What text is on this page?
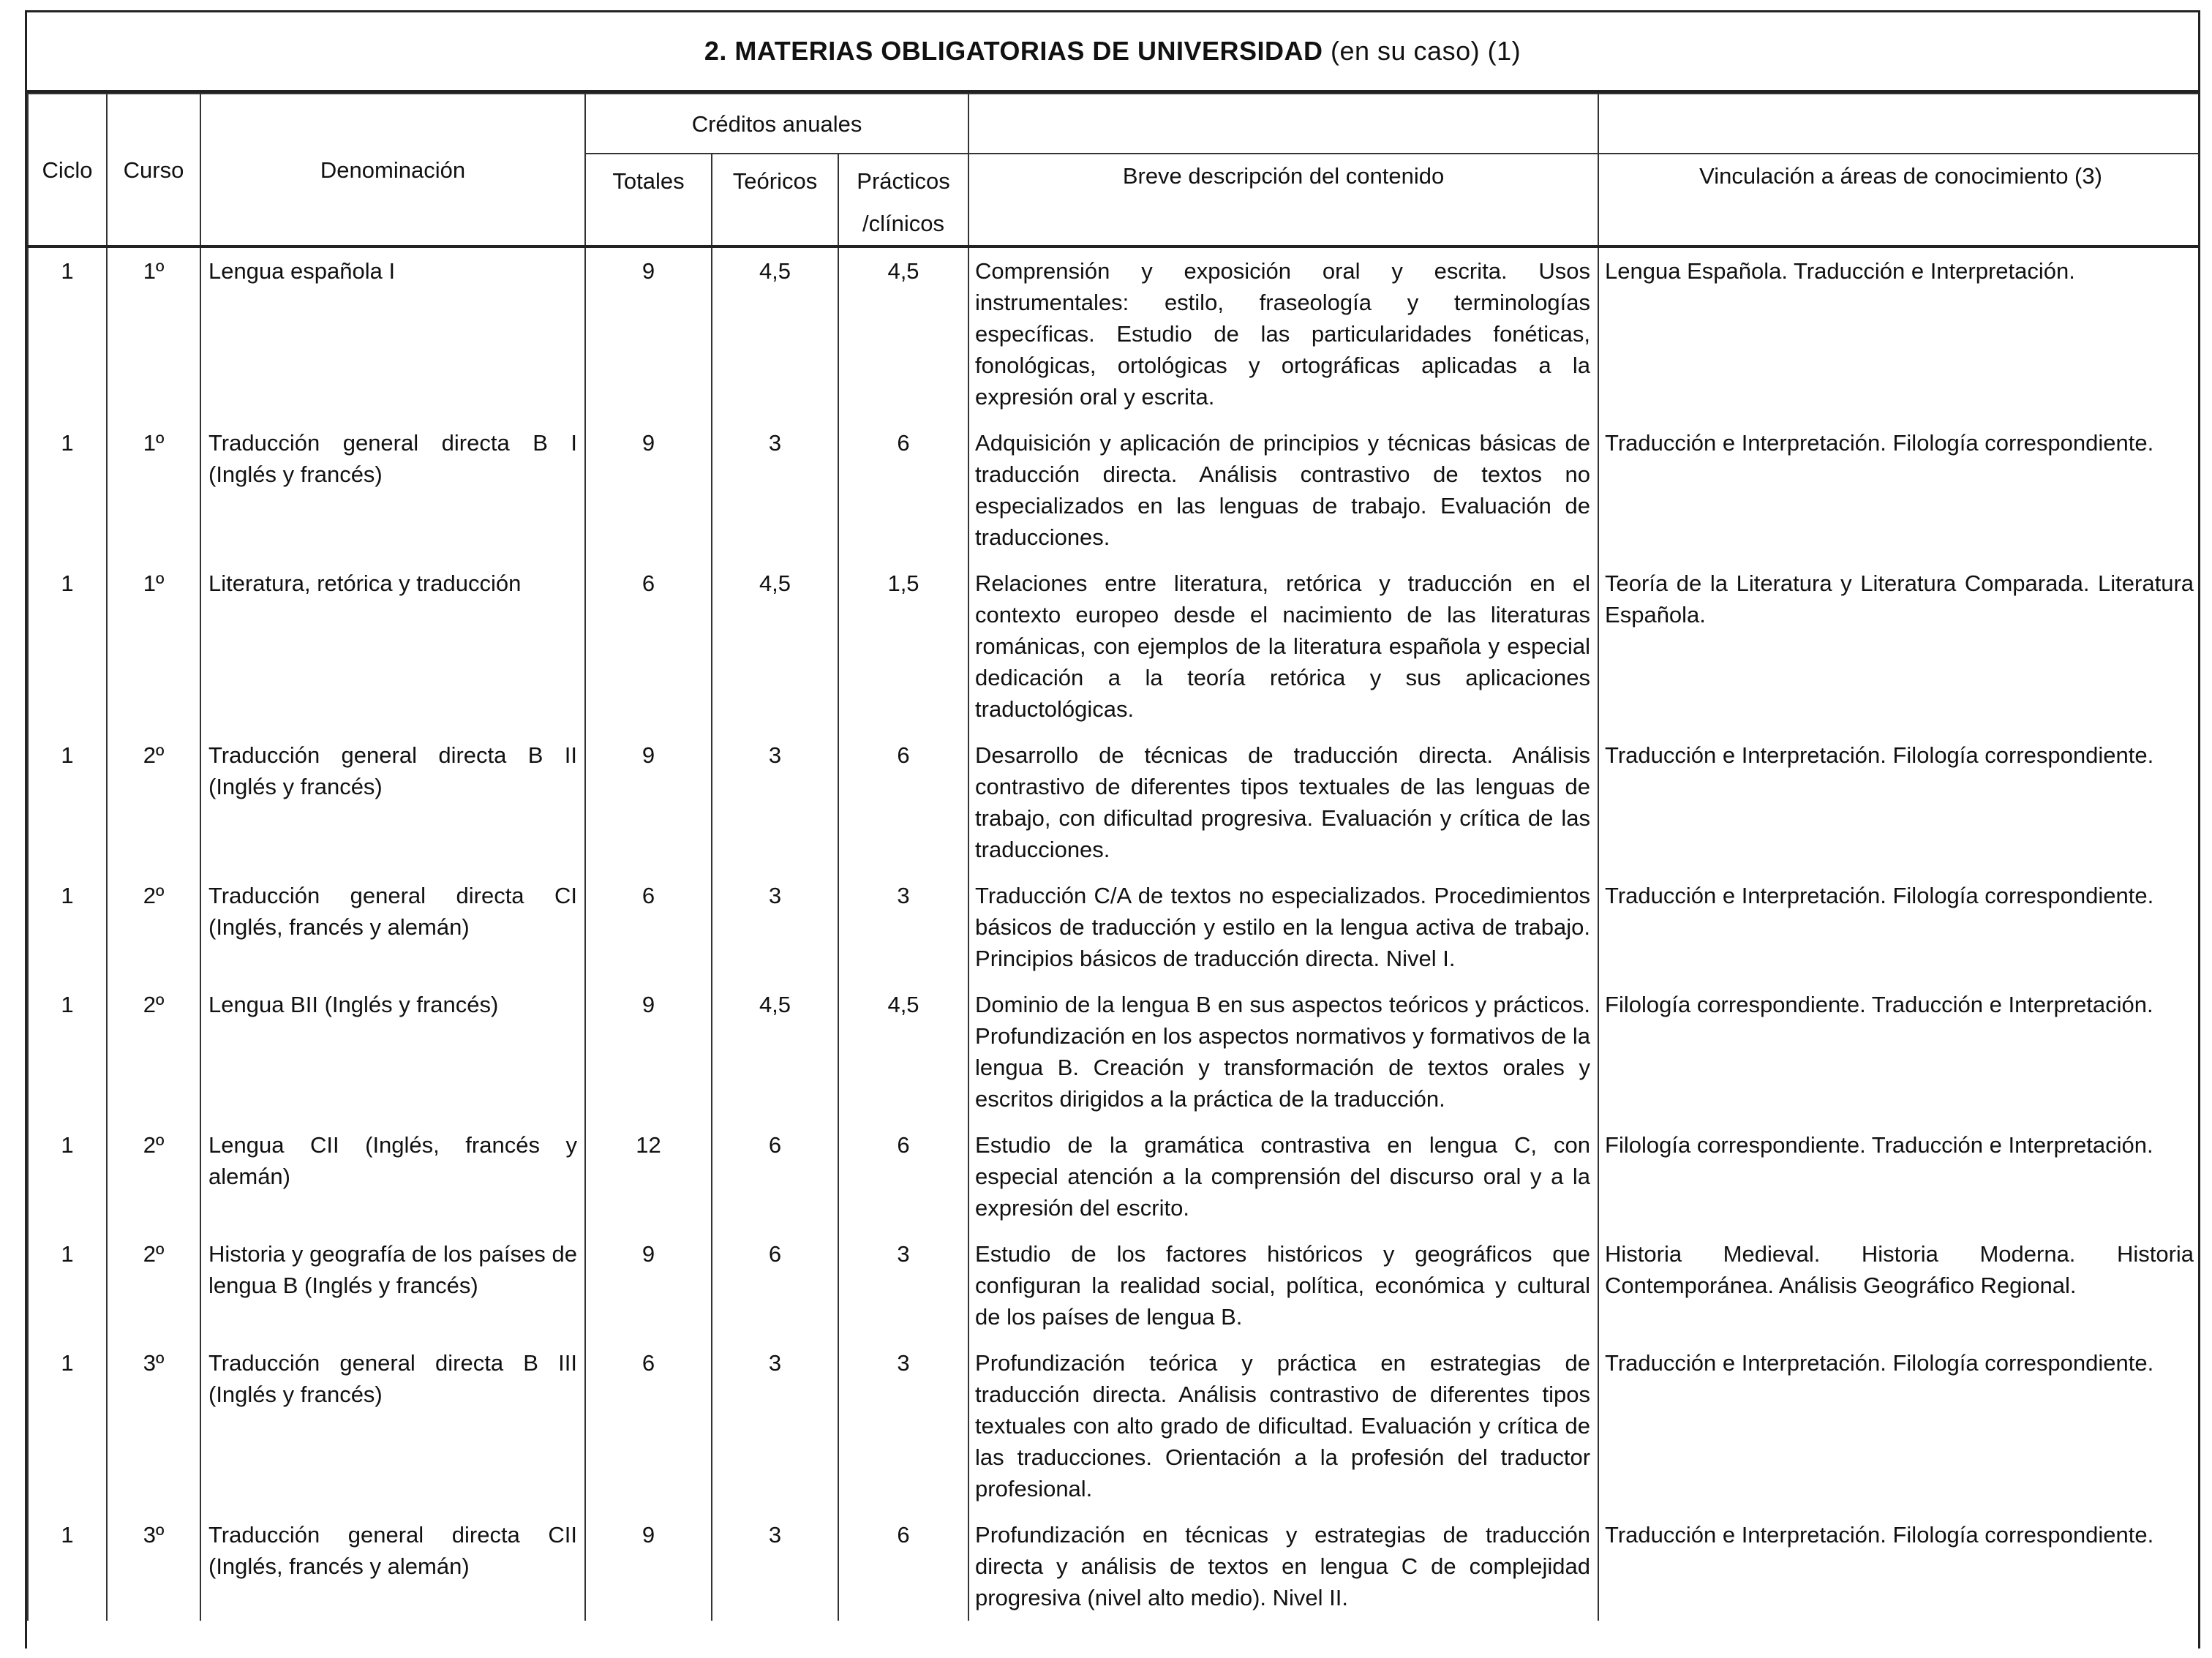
2. MATERIAS OBLIGATORIAS DE UNIVERSIDAD
(en su caso) (1)
Ciclo	Curso	Denominación	Créditos anuales				
			Totales	Teóricos	Prácticos /clínicos	Breve descripción del contenido	Vinculación a áreas de conocimiento (3)
1	1º	Lengua española I	9	4,5	4,5	Comprensión y exposición oral y escrita. Usos instrumentales: estilo, fraseología y terminologías específicas. Estudio de las particularidades fonéticas, fonológicas, ortológicas y ortográficas aplicadas a la expresión oral y escrita.	Lengua Española. Traducción e Interpretación.
1	1º	Traducción general directa B I (Inglés y francés)	9	3	6	Adquisición y aplicación de principios y técnicas básicas de traducción directa. Análisis contrastivo de textos no especializados en las lenguas de trabajo. Evaluación de traducciones.	Traducción e Interpretación. Filología correspondiente.
1	1º	Literatura, retórica y traducción	6	4,5	1,5	Relaciones entre literatura, retórica y traducción en el contexto europeo desde el nacimiento de las literaturas románicas, con ejemplos de la literatura española y especial dedicación a la teoría retórica y sus aplicaciones traductológicas.	Teoría de la Literatura y Literatura Comparada. Literatura Española.
1	2º	Traducción general directa B II (Inglés y francés)	9	3	6	Desarrollo de técnicas de traducción directa. Análisis contrastivo de diferentes tipos textuales de las lenguas de trabajo, con dificultad progresiva. Evaluación y crítica de las traducciones.	Traducción e Interpretación. Filología correspondiente.
1	2º	Traducción general directa CI (Inglés, francés y alemán)	6	3	3	Traducción C/A de textos no especializados. Procedimientos básicos de traducción y estilo en la lengua activa de trabajo. Principios básicos de traducción directa. Nivel I.	Traducción e Interpretación. Filología correspondiente.
1	2º	Lengua BII (Inglés y francés)	9	4,5	4,5	Dominio de la lengua B en sus aspectos teóricos y prácticos. Profundización en los aspectos normativos y formativos de la lengua B. Creación y transformación de textos orales y escritos dirigidos a la práctica de la traducción.	Filología correspondiente. Traducción e Interpretación.
1	2º	Lengua CII (Inglés, francés y alemán)	12	6	6	Estudio de la gramática contrastiva en lengua C, con especial atención a la comprensión del discurso oral y a la expresión del escrito.	Filología correspondiente. Traducción e Interpretación.
1	2º	Historia y geografía de los países de lengua B (Inglés y francés)	9	6	3	Estudio de los factores históricos y geográficos que configuran la realidad social, política, económica y cultural de los países de lengua B.	Historia Medieval. Historia Moderna. Historia Contemporánea. Análisis Geográfico Regional.
1	3º	Traducción general directa B III (Inglés y francés)	6	3	3	Profundización teórica y práctica en estrategias de traducción directa. Análisis contrastivo de diferentes tipos textuales con alto grado de dificultad. Evaluación y crítica de las traducciones. Orientación a la profesión del traductor profesional.	Traducción e Interpretación. Filología correspondiente.
1	3º	Traducción general directa CII (Inglés, francés y alemán)	9	3	6	Profundización en técnicas y estrategias de traducción directa y análisis de textos en lengua C de complejidad progresiva (nivel alto medio). Nivel II.	Traducción e Interpretación. Filología correspondiente.
